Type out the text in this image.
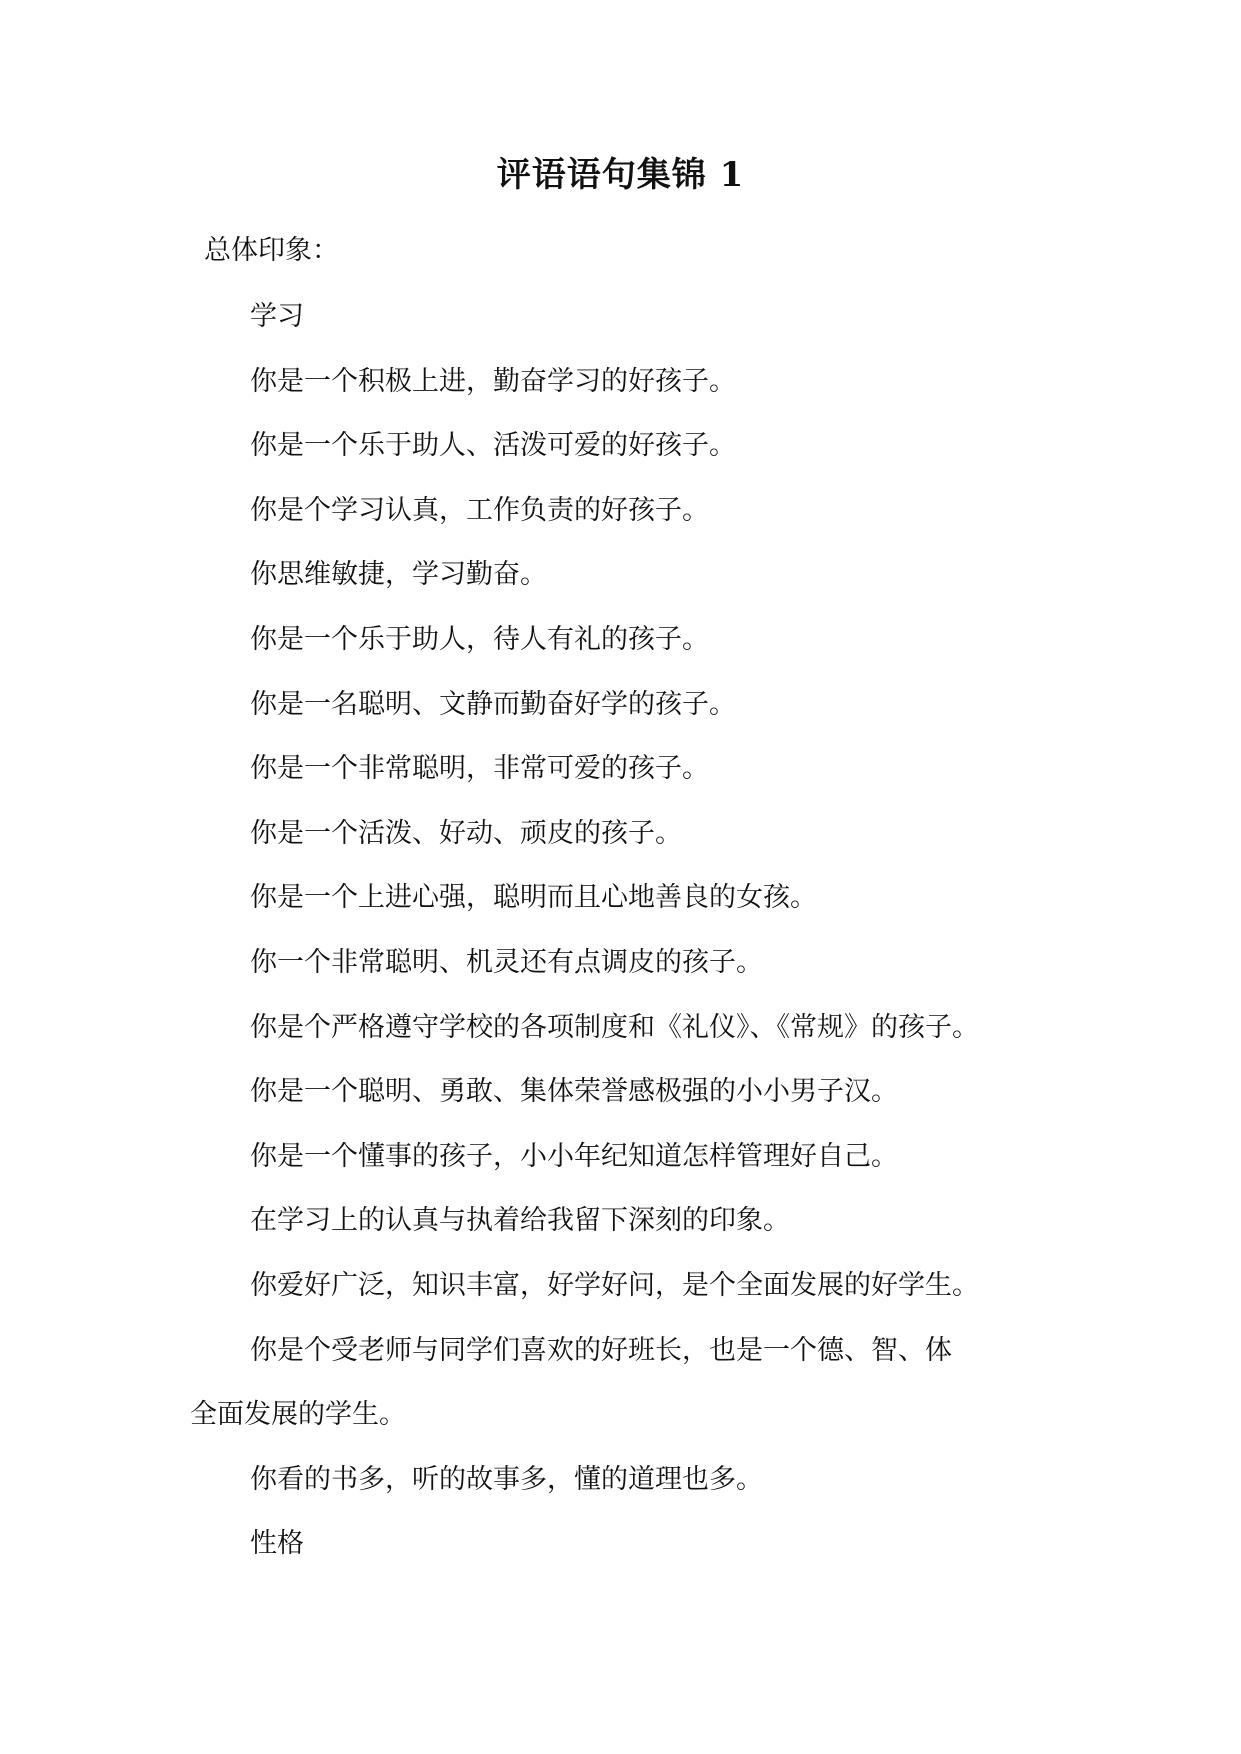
评语语句集锦 1
总体印象：
学习
你是一个积极上进，勤奋学习的好孩子。
你是一个乐于助人、活泼可爱的好孩子。
你是个学习认真，工作负责的好孩子。
你思维敏捷，学习勤奋。
你是一个乐于助人，待人有礼的孩子。
你是一名聪明、文静而勤奋好学的孩子。
你是一个非常聪明，非常可爱的孩子。
你是一个活泼、好动、顽皮的孩子。
你是一个上进心强，聪明而且心地善良的女孩。
你一个非常聪明、机灵还有点调皮的孩子。
你是个严格遵守学校的各项制度和《礼仪》、《常规》的孩子。
你是一个聪明、勇敢、集体荣誉感极强的小小男子汉。
你是一个懂事的孩子，小小年纪知道怎样管理好自己。
在学习上的认真与执着给我留下深刻的印象。
你爱好广泛，知识丰富，好学好问，是个全面发展的好学生。
你是个受老师与同学们喜欢的好班长，也是一个德、智、体
全面发展的学生。
你看的书多，听的故事多，懂的道理也多。
性格
